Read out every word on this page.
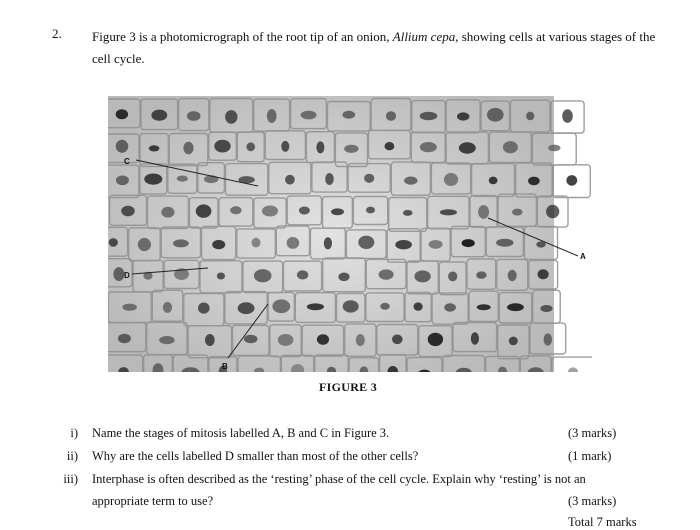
2. Figure 3 is a photomicrograph of the root tip of an onion, Allium cepa, showing cells at various stages of the cell cycle.
C
D
B
A
FIGURE 3
i) Name the stages of mitosis labelled A, B and C in Figure 3.	(3 marks)
ii) Why are the cells labelled D smaller than most of the other cells?	(1 mark)
iii) Interphase is often described as the ‘resting’ phase of the cell cycle. Explain why ‘resting’ is not an
appropriate term to use?	(3 marks)
Total 7 marks
